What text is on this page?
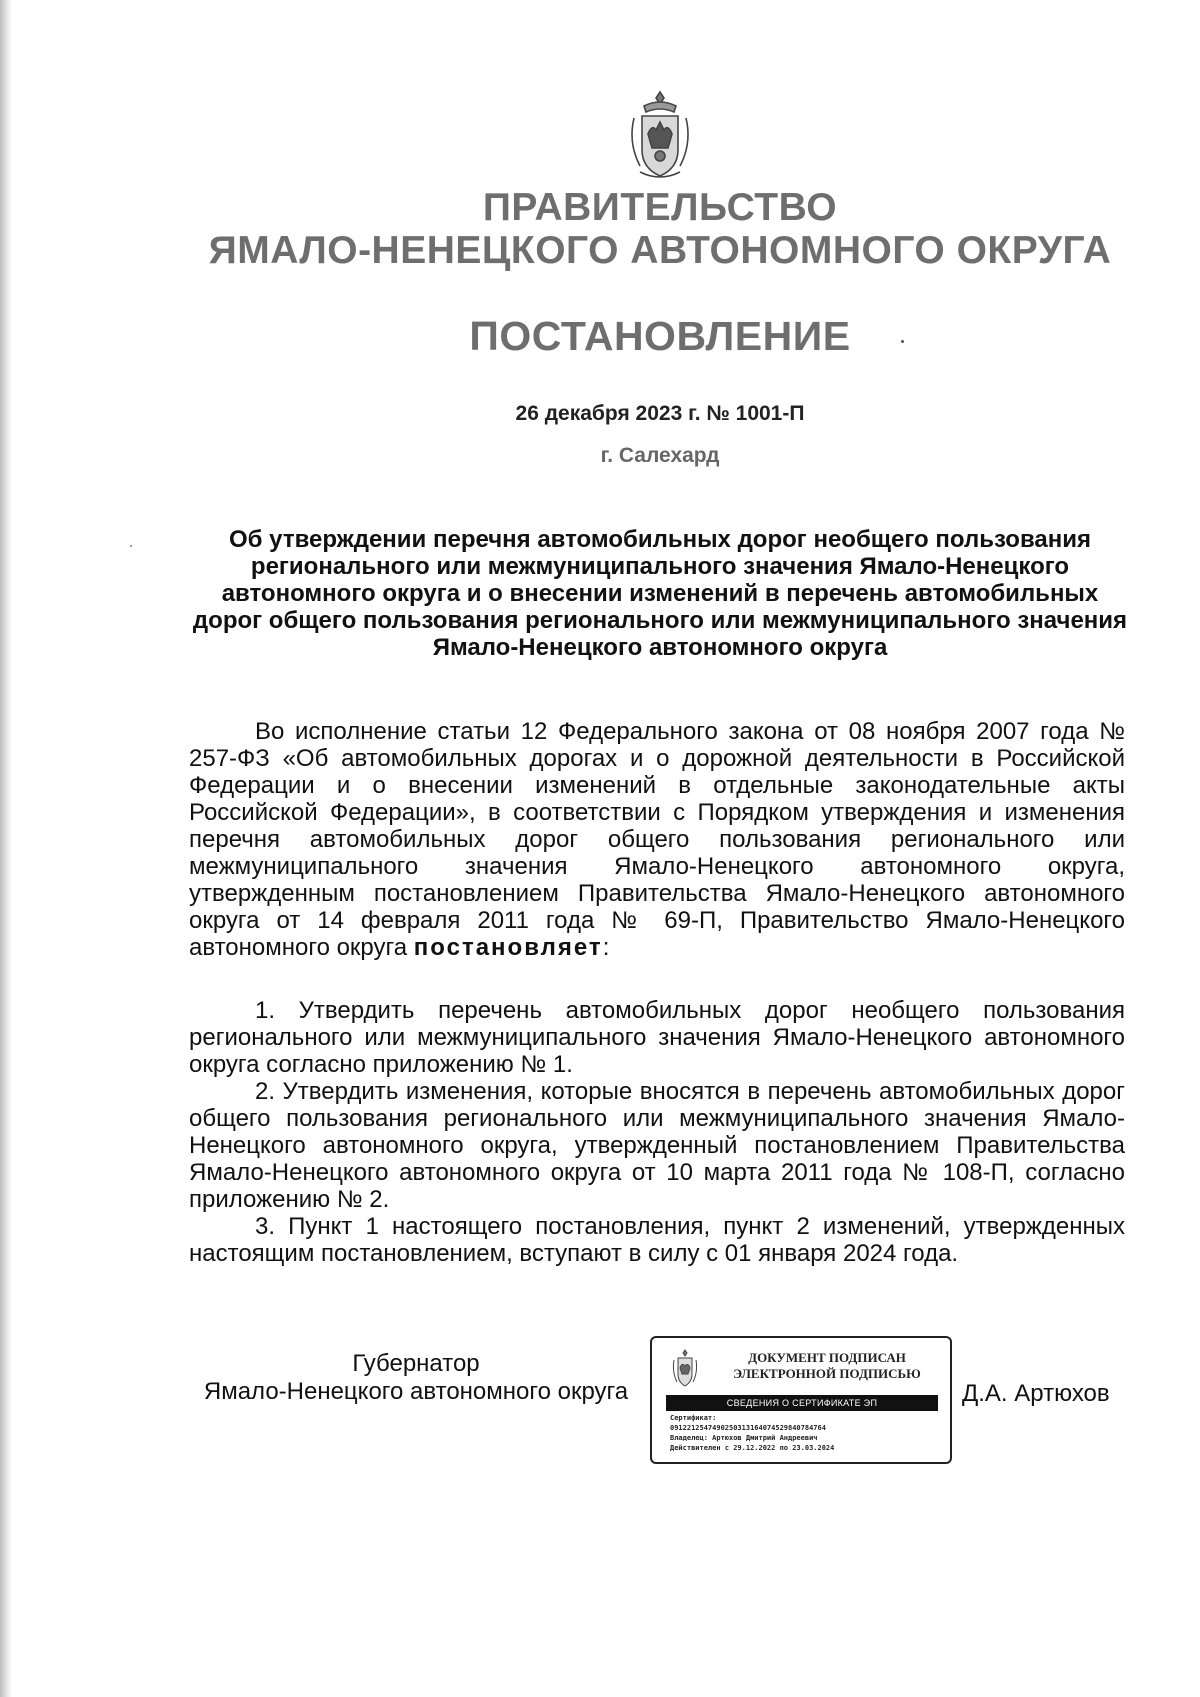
ПРАВИТЕЛЬСТВО
ЯМАЛО-НЕНЕЦКОГО АВТОНОМНОГО ОКРУГА
ПОСТАНОВЛЕНИЕ
26 декабря 2023 г. № 1001-П
г. Салехард
Об утверждении перечня автомобильных дорог необщего пользования регионального или межмуниципального значения Ямало-Ненецкого автономного округа и о внесении изменений в перечень автомобильных дорог общего пользования регионального или межмуниципального значения Ямало-Ненецкого автономного округа
Во исполнение статьи 12 Федерального закона от 08 ноября 2007 года № 257-ФЗ «Об автомобильных дорогах и о дорожной деятельности в Российской Федерации и о внесении изменений в отдельные законодательные акты Российской Федерации», в соответствии с Порядком утверждения и изменения перечня автомобильных дорог общего пользования регионального или межмуниципального значения Ямало-Ненецкого автономного округа, утвержденным постановлением Правительства Ямало-Ненецкого автономного округа от 14 февраля 2011 года № 69-П, Правительство Ямало-Ненецкого автономного округа постановляет:

1. Утвердить перечень автомобильных дорог необщего пользования регионального или межмуниципального значения Ямало-Ненецкого автономного округа согласно приложению № 1.

2. Утвердить изменения, которые вносятся в перечень автомобильных дорог общего пользования регионального или межмуниципального значения Ямало-Ненецкого автономного округа, утвержденный постановлением Правительства Ямало-Ненецкого автономного округа от 10 марта 2011 года № 108-П, согласно приложению № 2.

3. Пункт 1 настоящего постановления, пункт 2 изменений, утвержденных настоящим постановлением, вступают в силу с 01 января 2024 года.

Губернатор
Ямало-Ненецкого автономного округа
ДОКУМЕНТ ПОДПИСАН
ЭЛЕКТРОННОЙ ПОДПИСЬЮ
СВЕДЕНИЯ О СЕРТИФИКАТЕ ЭП
Сертификат:
0912212547490250313164074529840784764
Владелец: Артюхов Дмитрий Андреевич
Действителен с 29.12.2022 по 23.03.2024
Д.А. Артюхов
